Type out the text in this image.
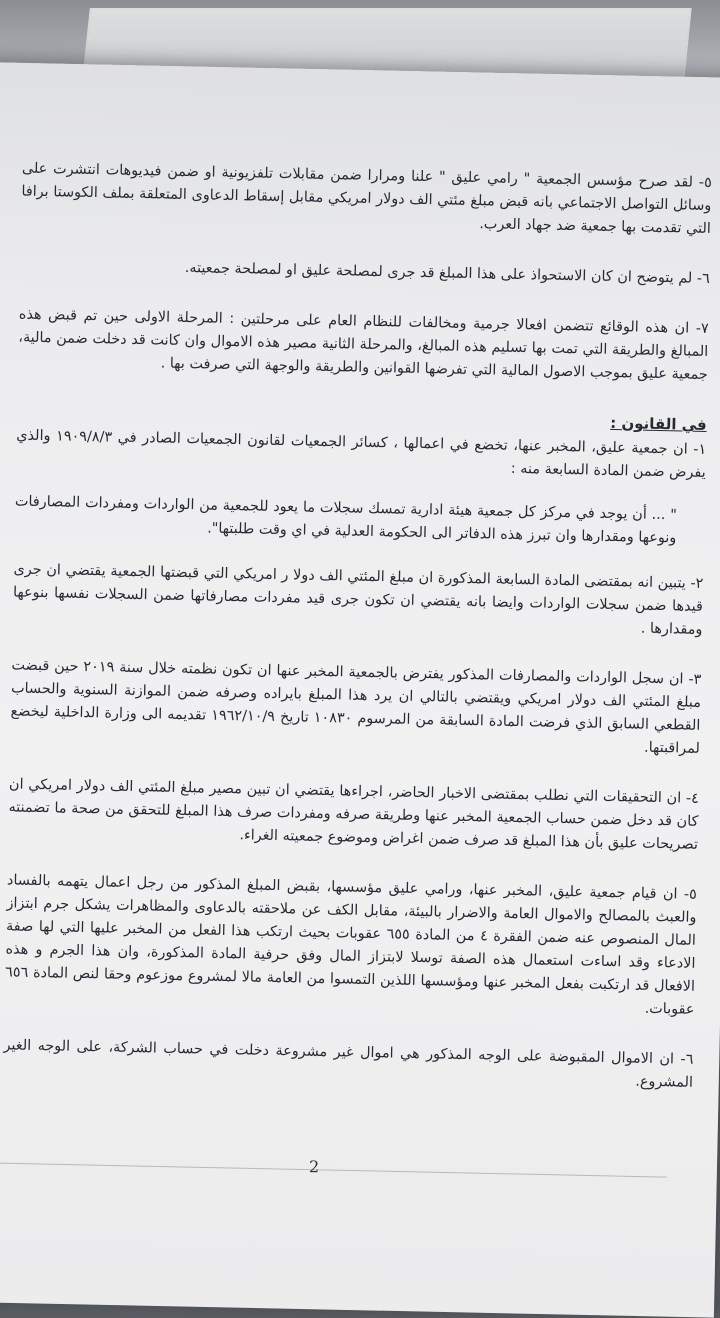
2

٥- لقد صرح مؤسس الجمعية " رامي عليق " علنا ومرارا ضمن مقابلات تلفزيونية او ضمن فيديوهات انتشرت على وسائل التواصل الاجتماعي بانه قبض مبلغ مئتي الف دولار امريكي مقابل إسقاط الدعاوى المتعلقة بملف الكوستا برافا التي تقدمت بها جمعية ضد جهاد العرب.

٦- لم يتوضح ان كان الاستحواذ على هذا المبلغ قد جرى لمصلحة عليق او لمصلحة جمعيته.

٧- ان هذه الوقائع تتضمن افعالا جرمية ومخالفات للنظام العام على مرحلتين : المرحلة الاولى حين تم قبض هذه المبالغ والطريقة التي تمت بها تسليم هذه المبالغ، والمرحلة الثانية مصير هذه الاموال وان كانت قد دخلت ضمن مالية، جمعية عليق بموجب الاصول المالية التي تفرضها القوانين والطريقة والوجهة التي صرفت بها .

في القانون :

١- ان جمعية عليق، المخبر عنها، تخضع في اعمالها ، كسائر الجمعيات لقانون الجمعيات الصادر في ١٩٠٩/٨/٣ والذي يفرض ضمن المادة السابعة منه :

" ... أن يوجد في مركز كل جمعية هيئة ادارية تمسك سجلات ما يعود للجمعية من الواردات ومفردات المصارفات ونوعها ومقدارها وان تبرز هذه الدفاتر الى الحكومة العدلية في اي وقت طلبتها".

٢- يتبين انه بمقتضى المادة السابعة المذكورة ان مبلغ المئتي الف دولا ر امريكي التي قبضتها الجمعية يقتضي ان جرى قيدها ضمن سجلات الواردات وايضا بانه يقتضي ان تكون جرى قيد مفردات مصارفاتها ضمن السجلات نفسها بنوعها ومقدارها .

٣- ان سجل الواردات والمصارفات المذكور يفترض بالجمعية المخبر عنها ان تكون نظمته خلال سنة ٢٠١٩ حين قبضت مبلغ المئتي الف دولار امريكي ويقتضي بالتالي ان يرد هذا المبلغ بايراده وصرفه ضمن الموازنة السنوية والحساب القطعي السابق الذي فرضت المادة السابقة من المرسوم ١٠٨٣٠ تاريخ ١٩٦٢/١٠/٩ تقديمه الى وزارة الداخلية ليخضع لمراقبتها.

٤- ان التحقيقات التي نطلب بمقتضى الاخبار الحاضر، اجراءها يقتضي ان تبين مصير مبلغ المئتي الف دولار امريكي ان كان قد دخل ضمن حساب الجمعية المخبر عنها وطريقة صرفه ومفردات صرف هذا المبلغ للتحقق من صحة ما تضمنته تصريحات عليق بأن هذا المبلغ قد صرف ضمن اغراض وموضوع جمعيته الغراء.

٥- ان قيام جمعية عليق، المخبر عنها، ورامي عليق مؤسسها، بقبض المبلغ المذكور من رجل اعمال يتهمه بالفساد والعبث بالمصالح والاموال العامة والاضرار بالبيئة، مقابل الكف عن ملاحقته بالدعاوى والمظاهرات يشكل جرم ابتزاز المال المنصوص عنه ضمن الفقرة ٤ من المادة ٦٥٥ عقوبات بحيث ارتكب هذا الفعل من المخبر عليها التي لها صفة الادعاء وقد اساءت استعمال هذه الصفة توسلا لابتزاز المال وفق حرفية المادة المذكورة، وان هذا الجرم و هذه الافعال قد ارتكبت بفعل المخبر عنها ومؤسسها اللذين التمسوا من العامة مالا لمشروع موزعوم وحقا لنص المادة ٦٥٦ عقوبات.

٦- ان الاموال المقبوضة على الوجه المذكور هي اموال غير مشروعة دخلت في حساب الشركة، على الوجه الغير المشروع.
